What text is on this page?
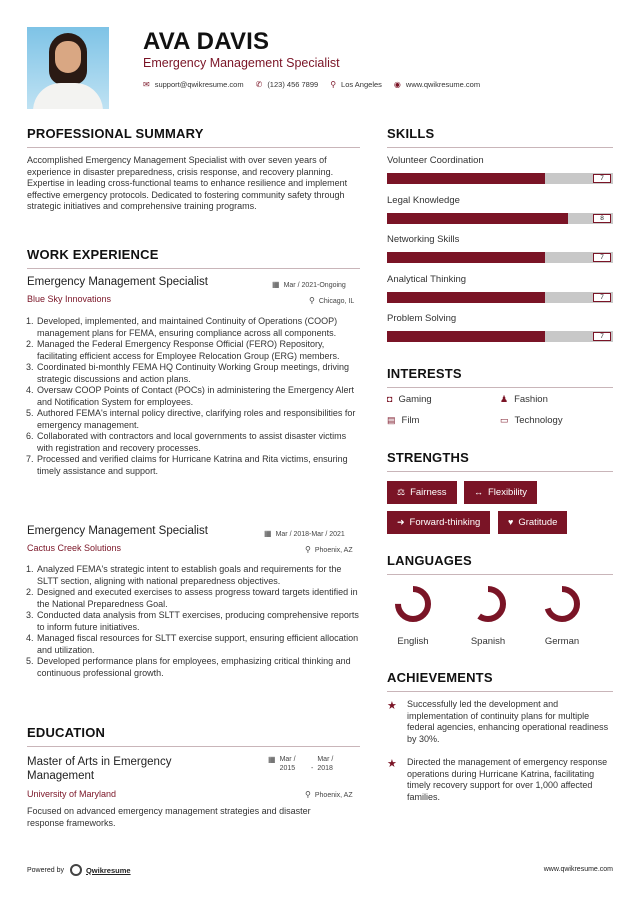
AVA DAVIS
Emergency Management Specialist
✉ support@qwikresume.com ✆ (123) 456 7899 ⚲ Los Angeles ◉ www.qwikresume.com
PROFESSIONAL SUMMARY
Accomplished Emergency Management Specialist with over seven years of experience in disaster preparedness, crisis response, and recovery planning. Expertise in leading cross-functional teams to enhance resilience and implement effective emergency protocols. Dedicated to fostering community safety through strategic initiatives and comprehensive training programs.
WORK EXPERIENCE
Emergency Management Specialist	▦ Mar / 2021-Ongoing
Blue Sky Innovations	⚲ Chicago, IL
1. Developed, implemented, and maintained Continuity of Operations (COOP) management plans for FEMA, ensuring compliance across all components.
2. Managed the Federal Emergency Response Official (FERO) Repository, facilitating efficient access for Employee Relocation Group (ERG) members.
3. Coordinated bi-monthly FEMA HQ Continuity Working Group meetings, driving strategic discussions and action plans.
4. Oversaw COOP Points of Contact (POCs) in administering the Emergency Alert and Notification System for employees.
5. Authored FEMA's internal policy directive, clarifying roles and responsibilities for emergency management.
6. Collaborated with contractors and local governments to assist disaster victims with registration and recovery processes.
7. Processed and verified claims for Hurricane Katrina and Rita victims, ensuring timely assistance and support.
Emergency Management Specialist	▦ Mar / 2018-Mar / 2021
Cactus Creek Solutions	⚲ Phoenix, AZ
1. Analyzed FEMA's strategic intent to establish goals and requirements for the SLTT section, aligning with national preparedness objectives.
2. Designed and executed exercises to assess progress toward targets identified in the National Preparedness Goal.
3. Conducted data analysis from SLTT exercises, producing comprehensive reports to inform future initiatives.
4. Managed fiscal resources for SLTT exercise support, ensuring efficient allocation and utilization.
5. Developed performance plans for employees, emphasizing critical thinking and continuous professional growth.
EDUCATION
Master of Arts in Emergency Management
▦ Mar /
2015 -Mar /
2018
University of Maryland	⚲ Phoenix, AZ
Focused on advanced emergency management strategies and disaster response frameworks.
SKILLS
Volunteer Coordination
7
Legal Knowledge
8
Networking Skills
7
Analytical Thinking
7
Problem Solving
7
INTERESTS
◘ Gaming	♟ Fashion
▤ Film	▭ Technology
STRENGTHS
⚖ Fairness	↔ Flexibility
➜ Forward-thinking	♥ Gratitude
LANGUAGES
English	Spanish	German
ACHIEVEMENTS
★ Successfully led the development and implementation of continuity plans for multiple federal agencies, enhancing operational readiness by 30%.
★ Directed the management of emergency response operations during Hurricane Katrina, facilitating timely recovery support for over 1,000 affected families.
Powered by	Qwikresume	www.qwikresume.com
